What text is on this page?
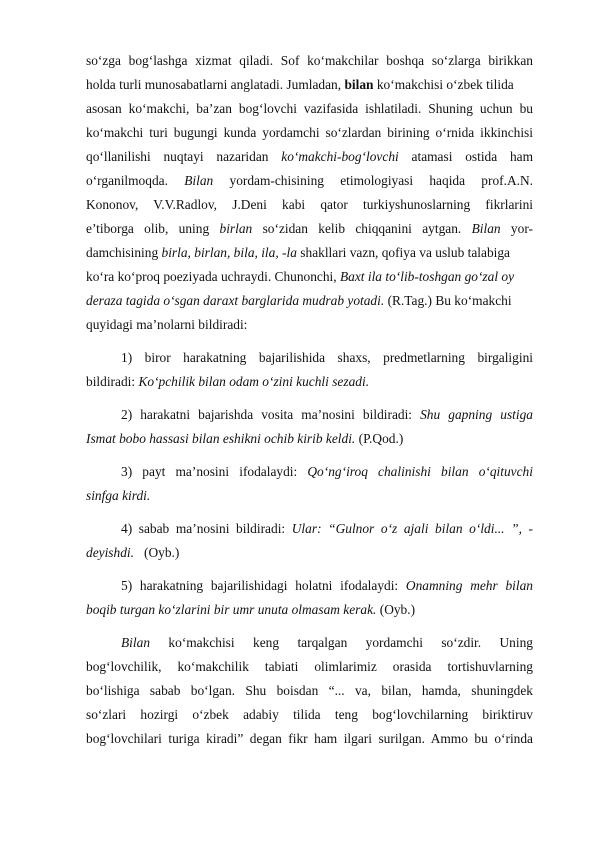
so‘zga bog‘lashga xizmat qiladi. Sof ko‘makchilar boshqa so‘zlarga birikkan
holda turli munosabatlarni anglatadi. Jumladan, bilan ko‘makchisi o‘zbek tilida
asosan ko‘makchi, ba’zan bog‘lovchi vazifasida ishlatiladi. Shuning uchun bu
ko‘makchi turi bugungi kunda yordamchi so‘zlardan birining o‘rnida ikkinchisi
qo‘llanilishi nuqtayi nazaridan ko‘makchi-bog‘lovchi atamasi ostida ham
o‘rganilmoqda. Bilan yordam-chisining etimologiyasi haqida prof.A.N.
Kononov, V.V.Radlov, J.Deni kabi qator turkiyshunoslarning fikrlarini
e’tiborga olib, uning birlan so‘zidan kelib chiqqanini aytgan. Bilan yor-
damchisining birla, birlan, bila, ila, -la shakllari vazn, qofiya va uslub talabiga
ko‘ra ko‘proq poeziyada uchraydi. Chunonchi, Baxt ila to‘lib-toshgan go‘zal oy
deraza tagida o‘sgan daraxt barglarida mudrab yotadi. (R.Tag.) Bu ko‘makchi
quyidagi ma’nolarni bildiradi:
1) biror harakatning bajarilishida shaxs, predmetlarning birgaligini
bildiradi: Ko‘pchilik bilan odam o‘zini kuchli sezadi.
2) harakatni bajarishda vosita ma’nosini bildiradi: Shu gapning ustiga
Ismat bobo hassasi bilan eshikni ochib kirib keldi. (P.Qod.)
3) payt ma’nosini ifodalaydi: Qo‘ng‘iroq chalinishi bilan o‘qituvchi
sinfga kirdi.
4) sabab ma’nosini bildiradi: Ular: “Gulnor o‘z ajali bilan o‘ldi... ”, -
deyishdi. (Oyb.)
5) harakatning bajarilishidagi holatni ifodalaydi: Onamning mehr bilan
boqib turgan ko‘zlarini bir umr unuta olmasam kerak. (Oyb.)
Bilan ko‘makchisi keng tarqalgan yordamchi so‘zdir. Uning
bog‘lovchilik, ko‘makchilik tabiati olimlarimiz orasida tortishuvlarning
bo‘lishiga sabab bo‘lgan. Shu boisdan “... va, bilan, hamda, shuningdek
so‘zlari hozirgi o‘zbek adabiy tilida teng bog‘lovchilarning biriktiruv
bog‘lovchilari turiga kiradi” degan fikr ham ilgari surilgan. Ammo bu o‘rinda
